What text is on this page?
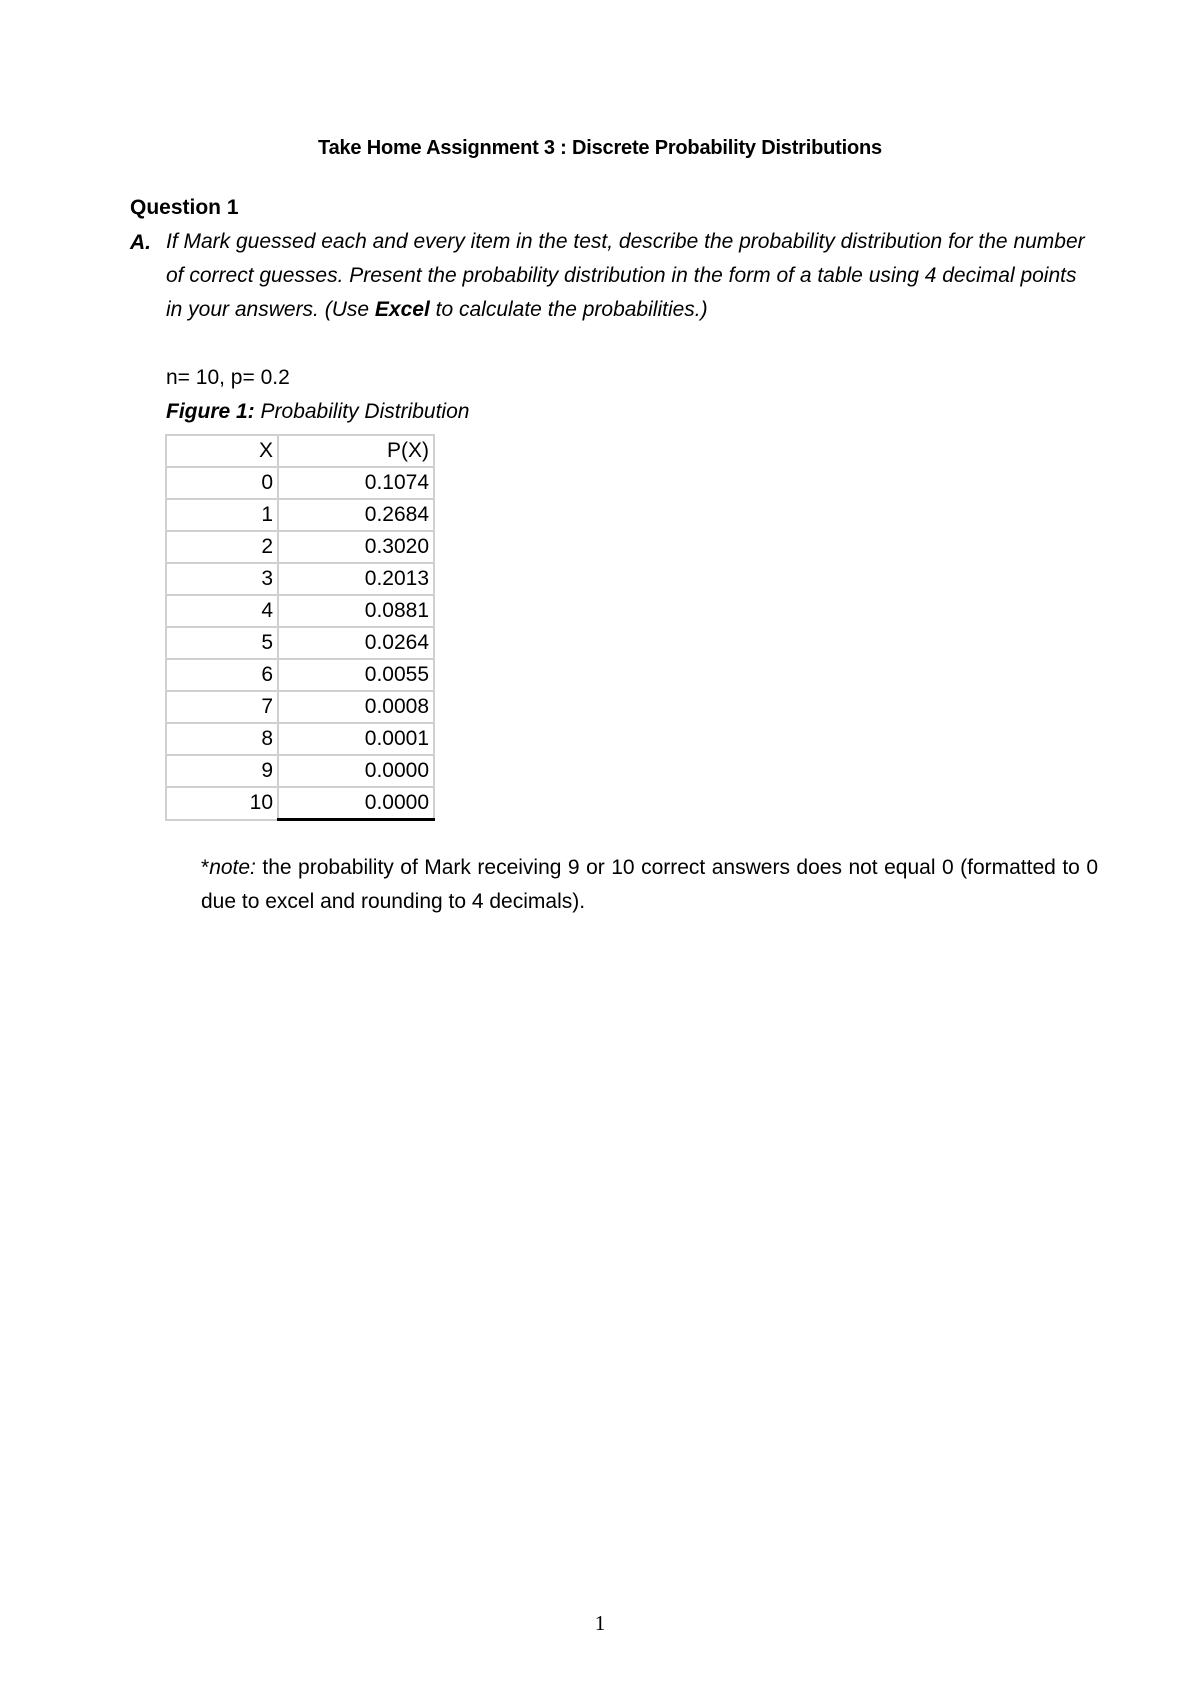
Take Home Assignment 3 : Discrete Probability Distributions
Question 1
A. If Mark guessed each and every item in the test, describe the probability distribution for the number of correct guesses. Present the probability distribution in the form of a table using 4 decimal points in your answers. (Use Excel to calculate the probabilities.)
n= 10, p= 0.2
Figure 1: Probability Distribution
X	P(X)
0	0.1074
1	0.2684
2	0.3020
3	0.2013
4	0.0881
5	0.0264
6	0.0055
7	0.0008
8	0.0001
9	0.0000
10	0.0000
*note: the probability of Mark receiving 9 or 10 correct answers does not equal 0 (formatted to 0 due to excel and rounding to 4 decimals).
1
